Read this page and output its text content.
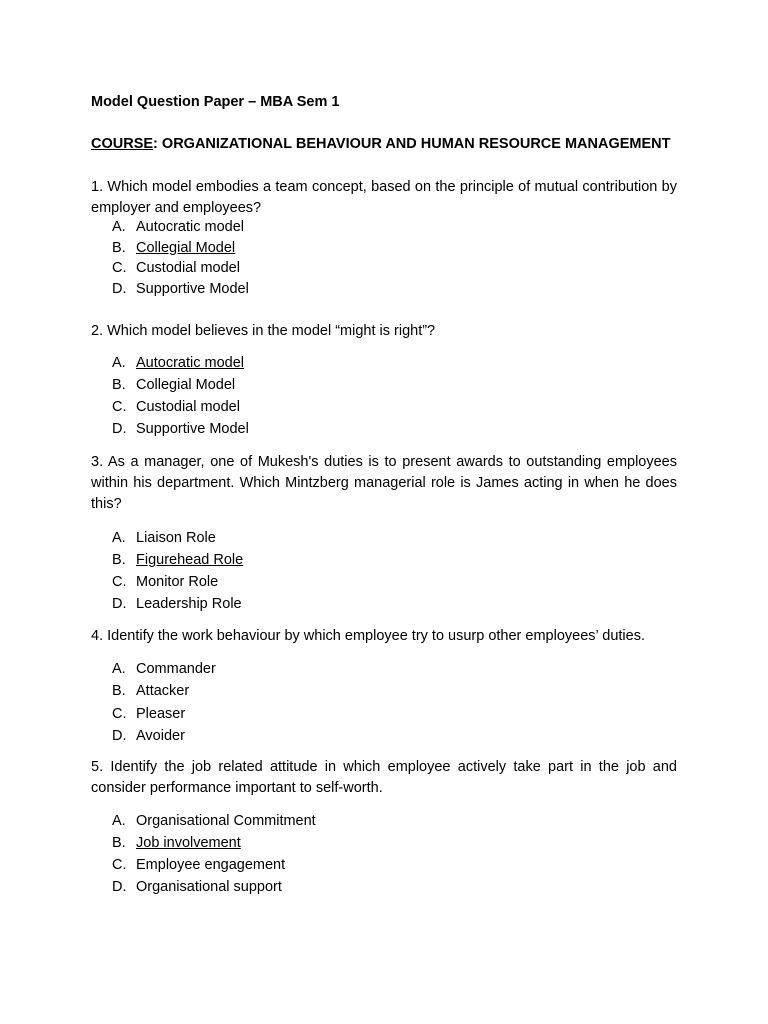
Model Question Paper – MBA Sem 1
COURSE: ORGANIZATIONAL BEHAVIOUR AND HUMAN RESOURCE MANAGEMENT
1. Which model embodies a team concept, based on the principle of mutual contribution by employer and employees?
A. Autocratic model
B. Collegial Model
C. Custodial model
D. Supportive Model
2. Which model believes in the model “might is right”?
A. Autocratic model
B. Collegial Model
C. Custodial model
D. Supportive Model
3. As a manager, one of Mukesh's duties is to present awards to outstanding employees within his department. Which Mintzberg managerial role is James acting in when he does this?
A. Liaison Role
B. Figurehead Role
C. Monitor Role
D. Leadership Role
4. Identify the work behaviour by which employee try to usurp other employees’ duties.
A. Commander
B. Attacker
C. Pleaser
D. Avoider
5. Identify the job related attitude in which employee actively take part in the job and consider performance important to self-worth.
A. Organisational Commitment
B. Job involvement
C. Employee engagement
D. Organisational support
